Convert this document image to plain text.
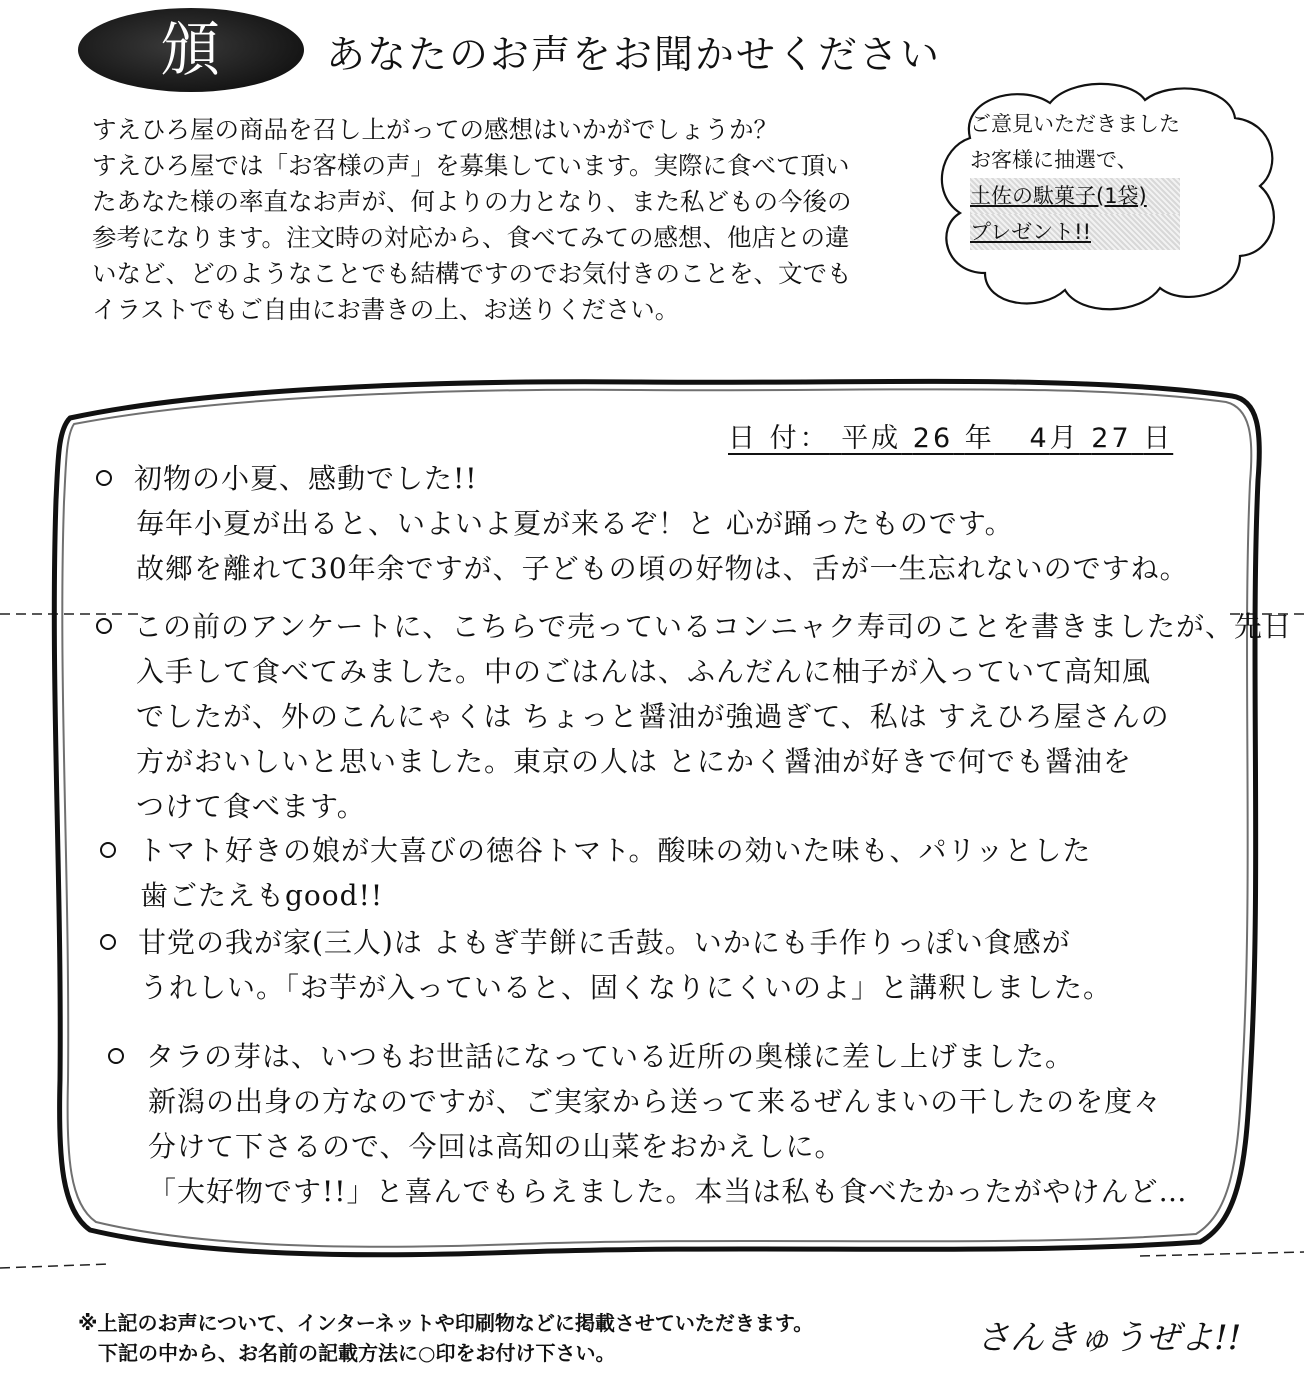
頒	あなたのお声をお聞かせください

すえひろ屋の商品を召し上がっての感想はいかがでしょうか？

すえひろ屋では「お客様の声」を募集しています。実際に食べて頂い

たあなた様の率直なお声が、何よりの力となり、また私どもの今後の

参考になります。注文時の対応から、食べてみての感想、他店との違

いなど、どのようなことでも結構ですのでお気付きのことを、文でも

イラストでもご自由にお書きの上、お送りください。

ご意見いただきました

お客様に抽選で、

土佐の駄菓子(1袋)

プレゼント!!

日 付： 平成 26 年 4月 27 日

初物の小夏、感動でした!!

毎年小夏が出ると、いよいよ夏が来るぞ！と 心が踊ったものです。

故郷を離れて30年余ですが、子どもの頃の好物は、舌が一生忘れないのですね。

この前のアンケートに、こちらで売っているコンニャク寿司のことを書きましたが、先日

入手して食べてみました。中のごはんは、ふんだんに柚子が入っていて高知風

でしたが、外のこんにゃくは ちょっと醤油が強過ぎて、私は すえひろ屋さんの

方がおいしいと思いました。東京の人は とにかく醤油が好きで何でも醤油を

つけて食べます。

トマト好きの娘が大喜びの徳谷トマト。酸味の効いた味も、パリッとした

歯ごたえもgood!!

甘党の我が家(三人)は よもぎ芋餅に舌鼓。いかにも手作りっぽい食感が

うれしい。「お芋が入っていると、固くなりにくいのよ」と講釈しました。

タラの芽は、いつもお世話になっている近所の奥様に差し上げました。

新潟の出身の方なのですが、ご実家から送って来るぜんまいの干したのを度々

分けて下さるので、今回は高知の山菜をおかえしに。

「大好物です!!」と喜んでもらえました。本当は私も食べたかったがやけんど…

※上記のお声について、インターネットや印刷物などに掲載させていただきます。

下記の中から、お名前の記載方法に○印をお付け下さい。	さんきゅうぜよ!!
